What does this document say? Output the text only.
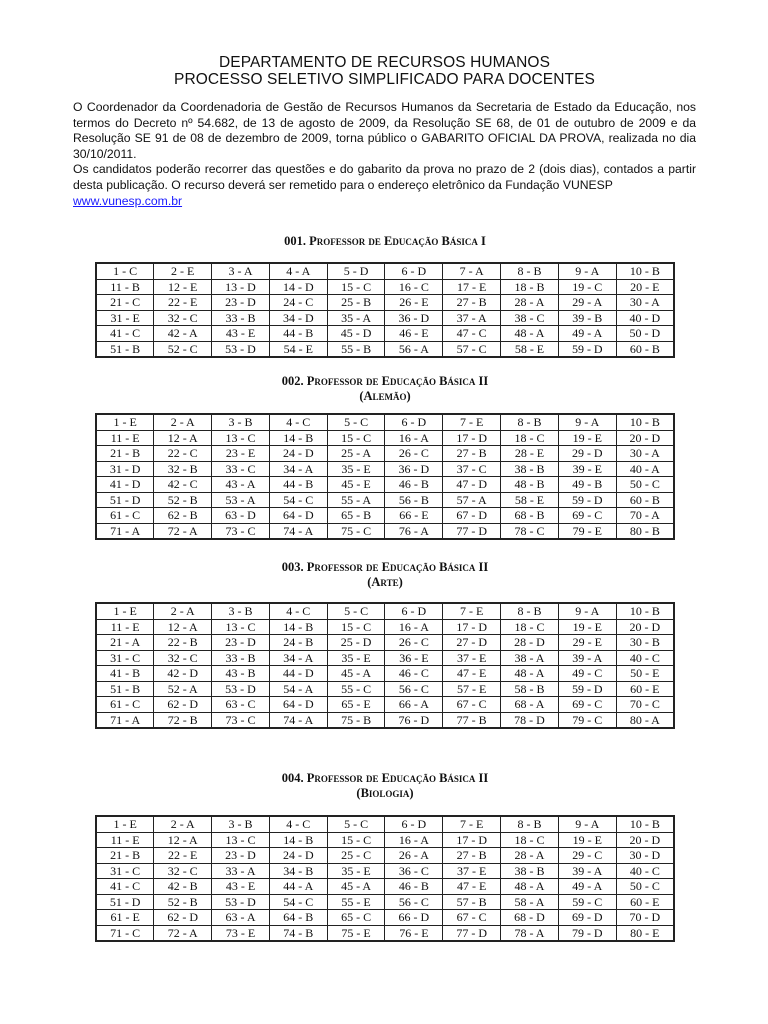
DEPARTAMENTO DE RECURSOS HUMANOS
PROCESSO SELETIVO SIMPLIFICADO PARA DOCENTES

O Coordenador da Coordenadoria de Gestão de Recursos Humanos da Secretaria de Estado da Educação, nos termos do Decreto nº 54.682, de 13 de agosto de 2009, da Resolução SE 68, de 01 de outubro de 2009 e da Resolução SE 91 de 08 de dezembro de 2009, torna público o GABARITO OFICIAL DA PROVA, realizada no dia 30/10/2011.

Os candidatos poderão recorrer das questões e do gabarito da prova no prazo de 2 (dois dias), contados a partir desta publicação. O recurso deverá ser remetido para o endereço eletrônico da Fundação VUNESP
www.vunesp.com.br

001. Professor de Educação Básica I
1 - C	2 - E	3 - A	4 - A	5 - D	6 - D	7 - A	8 - B	9 - A	10 - B
11 - B	12 - E	13 - D	14 - D	15 - C	16 - C	17 - E	18 - B	19 - C	20 - E
21 - C	22 - E	23 - D	24 - C	25 - B	26 - E	27 - B	28 - A	29 - A	30 - A
31 - E	32 - C	33 - B	34 - D	35 - A	36 - D	37 - A	38 - C	39 - B	40 - D
41 - C	42 - A	43 - E	44 - B	45 - D	46 - E	47 - C	48 - A	49 - A	50 - D
51 - B	52 - C	53 - D	54 - E	55 - B	56 - A	57 - C	58 - E	59 - D	60 - B
002. Professor de Educação Básica II
(Alemão)
1 - E	2 - A	3 - B	4 - C	5 - C	6 - D	7 - E	8 - B	9 - A	10 - B
11 - E	12 - A	13 - C	14 - B	15 - C	16 - A	17 - D	18 - C	19 - E	20 - D
21 - B	22 - C	23 - E	24 - D	25 - A	26 - C	27 - B	28 - E	29 - D	30 - A
31 - D	32 - B	33 - C	34 - A	35 - E	36 - D	37 - C	38 - B	39 - E	40 - A
41 - D	42 - C	43 - A	44 - B	45 - E	46 - B	47 - D	48 - B	49 - B	50 - C
51 - D	52 - B	53 - A	54 - C	55 - A	56 - B	57 - A	58 - E	59 - D	60 - B
61 - C	62 - B	63 - D	64 - D	65 - B	66 - E	67 - D	68 - B	69 - C	70 - A
71 - A	72 - A	73 - C	74 - A	75 - C	76 - A	77 - D	78 - C	79 - E	80 - B
003. Professor de Educação Básica II
(Arte)
1 - E	2 - A	3 - B	4 - C	5 - C	6 - D	7 - E	8 - B	9 - A	10 - B
11 - E	12 - A	13 - C	14 - B	15 - C	16 - A	17 - D	18 - C	19 - E	20 - D
21 - A	22 - B	23 - D	24 - B	25 - D	26 - C	27 - D	28 - D	29 - E	30 - B
31 - C	32 - C	33 - B	34 - A	35 - E	36 - E	37 - E	38 - A	39 - A	40 - C
41 - B	42 - D	43 - B	44 - D	45 - A	46 - C	47 - E	48 - A	49 - C	50 - E
51 - B	52 - A	53 - D	54 - A	55 - C	56 - C	57 - E	58 - B	59 - D	60 - E
61 - C	62 - D	63 - C	64 - D	65 - E	66 - A	67 - C	68 - A	69 - C	70 - C
71 - A	72 - B	73 - C	74 - A	75 - B	76 - D	77 - B	78 - D	79 - C	80 - A
004. Professor de Educação Básica II
(Biologia)
1 - E	2 - A	3 - B	4 - C	5 - C	6 - D	7 - E	8 - B	9 - A	10 - B
11 - E	12 - A	13 - C	14 - B	15 - C	16 - A	17 - D	18 - C	19 - E	20 - D
21 - B	22 - E	23 - D	24 - D	25 - C	26 - A	27 - B	28 - A	29 - C	30 - D
31 - C	32 - C	33 - A	34 - B	35 - E	36 - C	37 - E	38 - B	39 - A	40 - C
41 - C	42 - B	43 - E	44 - A	45 - A	46 - B	47 - E	48 - A	49 - A	50 - C
51 - D	52 - B	53 - D	54 - C	55 - E	56 - C	57 - B	58 - A	59 - C	60 - E
61 - E	62 - D	63 - A	64 - B	65 - C	66 - D	67 - C	68 - D	69 - D	70 - D
71 - C	72 - A	73 - E	74 - B	75 - E	76 - E	77 - D	78 - A	79 - D	80 - E
